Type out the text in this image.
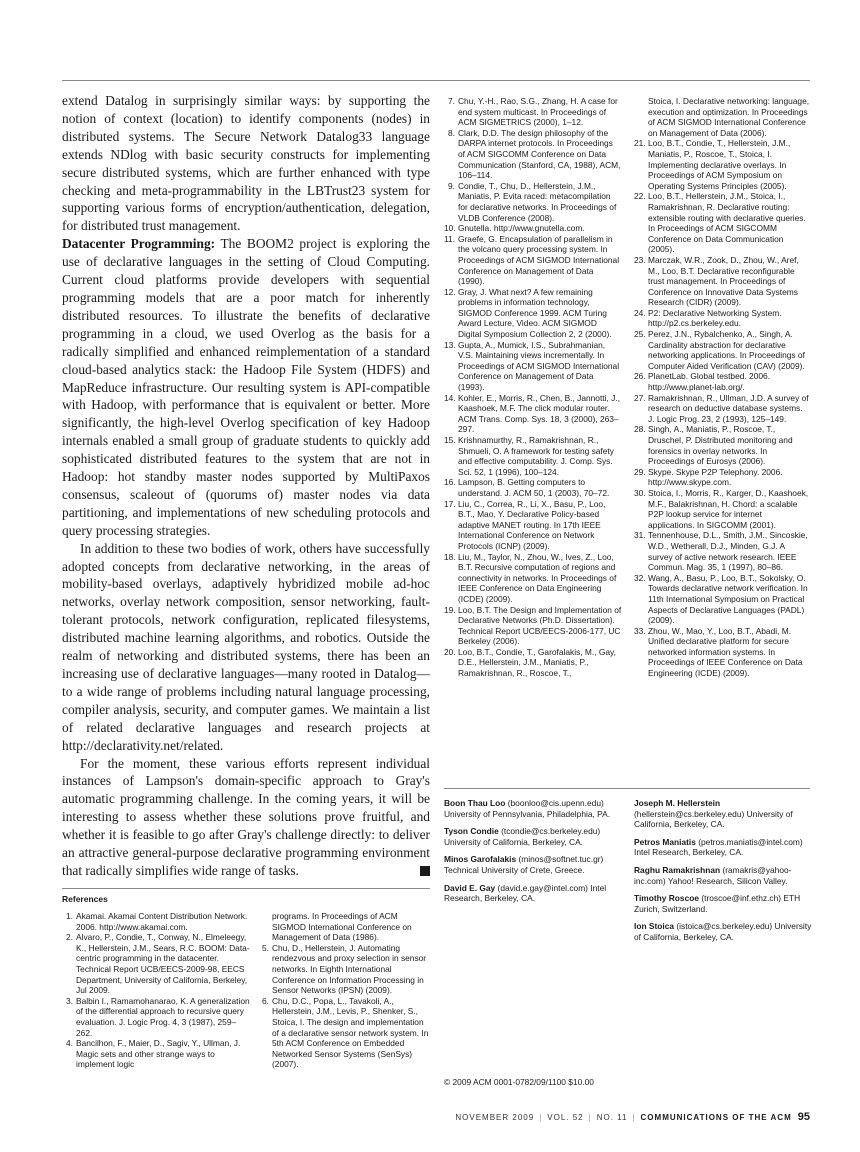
extend Datalog in surprisingly similar ways: by supporting the notion of context (location) to identify components (nodes) in distributed systems. The Secure Network Datalog33 language extends NDlog with basic security constructs for implementing secure distributed systems, which are further enhanced with type checking and meta-programmability in the LBTrust23 system for supporting various forms of encryption/authentication, delegation, for distributed trust management.

Datacenter Programming: The BOOM2 project is exploring the use of declarative languages in the setting of Cloud Computing. Current cloud platforms provide developers with sequential programming models that are a poor match for inherently distributed resources. To illustrate the benefits of declarative programming in a cloud, we used Overlog as the basis for a radically simplified and enhanced reimplementation of a standard cloud-based analytics stack: the Hadoop File System (HDFS) and MapReduce infrastructure. Our resulting system is API-compatible with Hadoop, with performance that is equivalent or better. More significantly, the high-level Overlog specification of key Hadoop internals enabled a small group of graduate students to quickly add sophisticated distributed features to the system that are not in Hadoop: hot standby master nodes supported by MultiPaxos consensus, scaleout of (quorums of) master nodes via data partitioning, and implementations of new scheduling protocols and query processing strategies.

In addition to these two bodies of work, others have successfully adopted concepts from declarative networking, in the areas of mobility-based overlays, adaptively hybridized mobile ad-hoc networks, overlay network composition, sensor networking, fault-tolerant protocols, network configuration, replicated filesystems, distributed machine learning algorithms, and robotics. Outside the realm of networking and distributed systems, there has been an increasing use of declarative languages—many rooted in Datalog—to a wide range of problems including natural language processing, compiler analysis, security, and computer games. We maintain a list of related declarative languages and research projects at http://declarativity.net/related.

For the moment, these various efforts represent individual instances of Lampson's domain-specific approach to Gray's automatic programming challenge. In the coming years, it will be interesting to assess whether these solutions prove fruitful, and whether it is feasible to go after Gray's challenge directly: to deliver an attractive general-purpose declarative programming environment that radically simplifies wide range of tasks.	C

References
1 . Akamai. Akamai Content Distribution Network. 2006. http://www.akamai.com.
2 . Alvaro, P., Condie, T., Conway, N., Elmeleegy, K., Hellerstein, J.M., Sears, R.C. BOOM: Data-centric programming in the datacenter. Technical Report UCB/EECS-2009-98, EECS Department, University of California, Berkeley, Jul 2009.
3 . Balbin I., Ramamohanarao, K. A generalization of the differential approach to recursive query evaluation. J. Logic Prog. 4, 3 (1987), 259–262.
4 . Bancilhon, F., Maier, D., Sagiv, Y., Ullman, J. Magic sets and other strange ways to implement logic
programs. In Proceedings of ACM SIGMOD International Conference on Management of Data (1986).
5 . Chu, D., Hellerstein, J. Automating rendezvous and proxy selection in sensor networks. In Eighth International Conference on Information Processing in Sensor Networks (IPSN) (2009).
6 . Chu, D.C., Popa, L., Tavakoli, A., Hellerstein, J.M., Levis, P., Shenker, S., Stoica, I. The design and implementation of a declarative sensor network system. In 5th ACM Conference on Embedded Networked Sensor Systems (SenSys) (2007).
7 . Chu, Y.-H., Rao, S.G., Zhang, H. A case for end system multicast. In Proceedings of ACM SIGMETRICS (2000), 1–12.
8 . Clark, D.D. The design philosophy of the DARPA internet protocols. In Proceedings of ACM SIGCOMM Conference on Data Communication (Stanford, CA, 1988), ACM, 106–114.
9 . Condie, T., Chu, D., Hellerstein, J.M., Maniatis, P. Evita raced: metacompilation for declarative networks. In Proceedings of VLDB Conference (2008).
10 . Gnutella. http://www.gnutella.com.
11 . Graefe, G. Encapsulation of parallelism in the volcano query processing system. In Proceedings of ACM SIGMOD International Conference on Management of Data (1990).
12 . Gray, J. What next? A few remaining problems in information technology, SIGMOD Conference 1999. ACM Turing Award Lecture, Video. ACM SIGMOD Digital Symposium Collection 2, 2 (2000).
13 . Gupta, A., Mumick, I.S., Subrahmanian, V.S. Maintaining views incrementally. In Proceedings of ACM SIGMOD International Conference on Management of Data (1993).
14 . Kohler, E., Morris, R., Chen, B., Jannotti, J., Kaashoek, M.F. The click modular router. ACM Trans. Comp. Sys. 18, 3 (2000), 263–297.
15 . Krishnamurthy, R., Ramakrishnan, R., Shmueli, O. A framework for testing safety and effective computability. J. Comp. Sys. Sci. 52, 1 (1996), 100–124.
16 . Lampson, B. Getting computers to understand. J. ACM 50, 1 (2003), 70–72.
17 . Liu, C., Correa, R., Li, X., Basu, P., Loo, B.T., Mao, Y. Declarative Policy-based adaptive MANET routing. In 17th IEEE International Conference on Network Protocols (ICNP) (2009).
18 . Liu, M., Taylor, N., Zhou, W., Ives, Z., Loo, B.T. Recursive computation of regions and connectivity in networks. In Proceedings of IEEE Conference on Data Engineering (ICDE) (2009).
19 . Loo, B.T. The Design and Implementation of Declarative Networks (Ph.D. Dissertation). Technical Report UCB/EECS-2006-177, UC Berkeley (2006).
20 . Loo, B.T., Condie, T., Garofalakis, M., Gay, D.E., Hellerstein, J.M., Maniatis, P., Ramakrishnan, R., Roscoe, T.,
Stoica, I. Declarative networking: language, execution and optimization. In Proceedings of ACM SIGMOD International Conference on Management of Data (2006).
21 . Loo, B.T., Condie, T., Hellerstein, J.M., Maniatis, P., Roscoe, T., Stoica, I. Implementing declarative overlays. In Proceedings of ACM Symposium on Operating Systems Principles (2005).
22 . Loo, B.T., Hellerstein, J.M., Stoica, I., Ramakrishnan, R. Declarative routing: extensible routing with declarative queries. In Proceedings of ACM SIGCOMM Conference on Data Communication (2005).
23 . Marczak, W.R., Zook, D., Zhou, W., Aref, M., Loo, B.T. Declarative reconfigurable trust management. In Proceedings of Conference on Innovative Data Systems Research (CIDR) (2009).
24 . P2: Declarative Networking System. http://p2.cs.berkeley.edu.
25 . Perez, J.N., Rybalchenko, A., Singh, A. Cardinality abstraction for declarative networking applications. In Proceedings of Computer Aided Verification (CAV) (2009).
26 . PlanetLab. Global testbed. 2006. http://www.planet-lab.org/.
27 . Ramakrishnan, R., Ullman, J.D. A survey of research on deductive database systems. J. Logic Prog. 23, 2 (1993), 125–149.
28 . Singh, A., Maniatis, P., Roscoe, T., Druschel, P. Distributed monitoring and forensics in overlay networks. In Proceedings of Eurosys (2006).
29 . Skype. Skype P2P Telephony. 2006. http://www.skype.com.
30 . Stoica, I., Morris, R., Karger, D., Kaashoek, M.F., Balakrishnan, H. Chord: a scalable P2P lookup service for internet applications. In SIGCOMM (2001).
31 . Tennenhouse, D.L., Smith, J.M., Sincoskie, W.D., Wetherall, D.J., Minden, G.J. A survey of active network research. IEEE Commun. Mag. 35, 1 (1997), 80–86.
32 . Wang, A., Basu, P., Loo, B.T., Sokolsky, O. Towards declarative network verification. In 11th International Symposium on Practical Aspects of Declarative Languages (PADL) (2009).
33 . Zhou, W., Mao, Y., Loo, B.T., Abadi, M. Unified declarative platform for secure networked information systems. In Proceedings of IEEE Conference on Data Engineering (ICDE) (2009).
Boon Thau Loo (boonloo@cis.upenn.edu) University of Pennsylvania, Philadelphia, PA.
Tyson Condie (tcondie@cs.berkeley.edu) University of California, Berkeley, CA.
Minos Garofalakis (minos@softnet.tuc.gr) Technical University of Crete, Greece.
David E. Gay (david.e.gay@intel.com) Intel Research, Berkeley, CA.
Joseph M. Hellerstein (hellerstein@cs.berkeley.edu) University of California, Berkeley, CA.
Petros Maniatis (petros.maniatis@intel.com) Intel Research, Berkeley, CA.
Raghu Ramakrishnan (ramakris@yahoo-inc.com) Yahoo! Research, Silicon Valley.
Timothy Roscoe (troscoe@inf.ethz.ch) ETH Zurich, Switzerland.
Ion Stoica (istoica@cs.berkeley.edu) University of California, Berkeley, CA.
© 2009 ACM 0001-0782/09/1100 $10.00
NOVEMBER 2009 | VOL. 52 | NO. 11 | COMMUNICATIONS OF THE ACM 95
